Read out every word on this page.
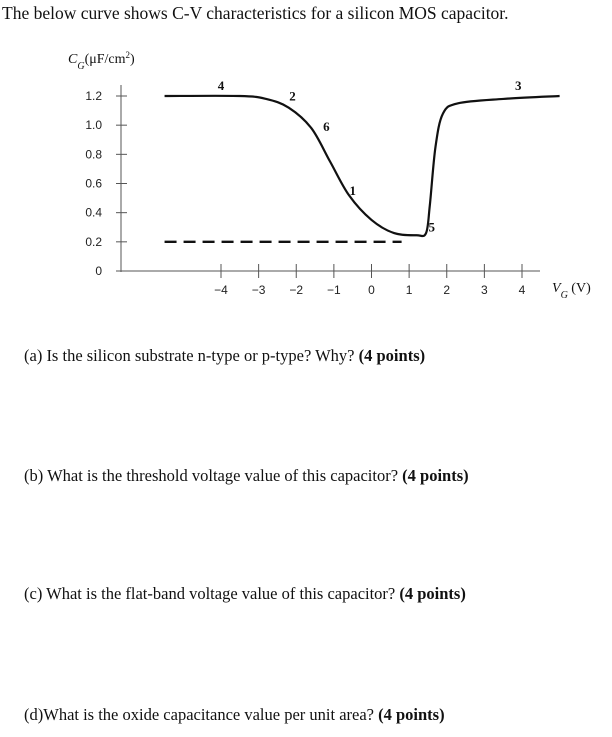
The below curve shows C-V characteristics for a silicon MOS capacitor.
$C_G(\mu F/cm^2)$
1.2
1.0
0.8
0.6
0.4
0.2
0
−4 −3 −2 −1 0	1	2	3	4
4
2
6
1
5
3
$V_G$ (V)
(a) Is the silicon substrate n-type or p-type? Why? (4 points)
(b) What is the threshold voltage value of this capacitor? (4 points)
(c) What is the flat-band voltage value of this capacitor? (4 points)
(d)What is the oxide capacitance value per unit area? (4 points)
